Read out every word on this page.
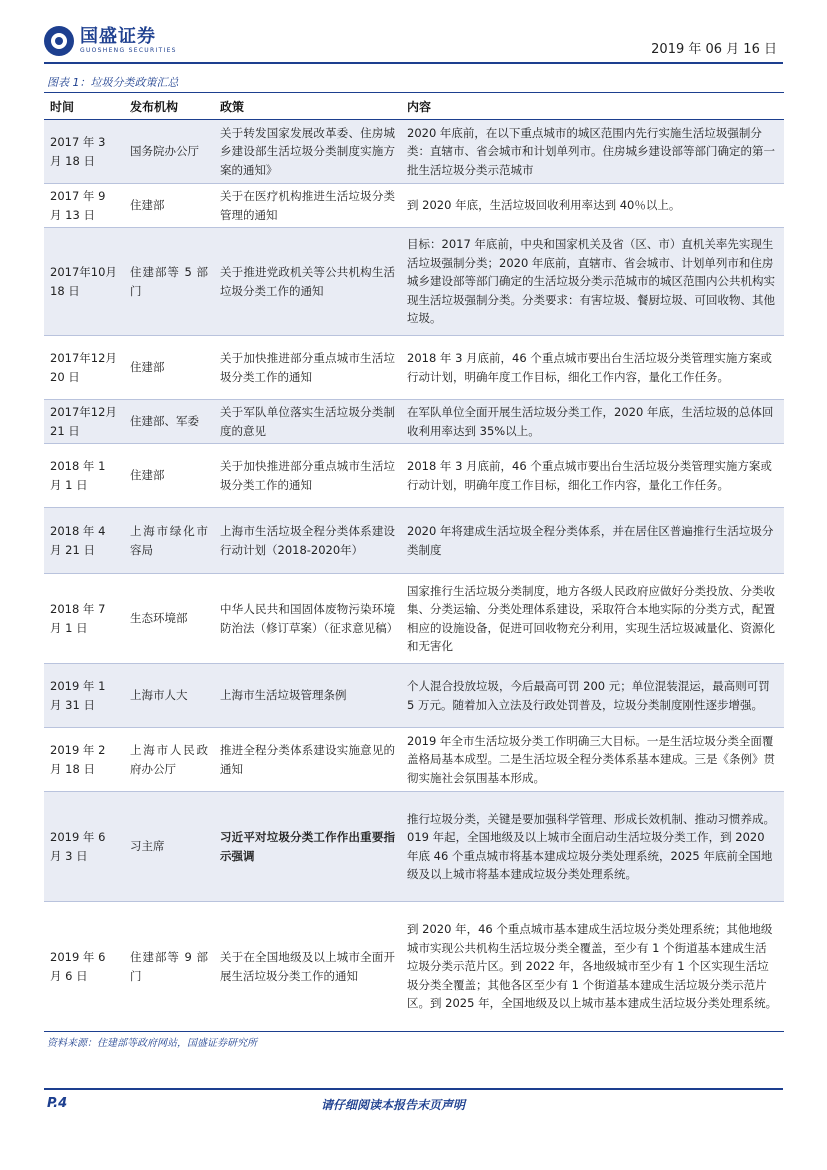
国盛证券
GUOSHENG SECURITIES	2019 年 06 月 16 日
图表 1：垃圾分类政策汇总
时间	发布机构	政策	内容
2017 年 3 月 18 日	国务院办公厅	关于转发国家发展改革委、住房城乡建设部生活垃圾分类制度实施方案的通知》	2020 年底前，在以下重点城市的城区范围内先行实施生活垃圾强制分类：直辖市、省会城市和计划单列市。住房城乡建设部等部门确定的第一批生活垃圾分类示范城市
2017 年 9 月 13 日	住建部	关于在医疗机构推进生活垃圾分类管理的通知	到 2020 年底，生活垃圾回收利用率达到 40％以上。
2017年10月 18 日	住建部等 5 部门	关于推进党政机关等公共机构生活垃圾分类工作的通知	目标：2017 年底前，中央和国家机关及省（区、市）直机关率先实现生活垃圾强制分类；2020 年底前，直辖市、省会城市、计划单列市和住房城乡建设部等部门确定的生活垃圾分类示范城市的城区范围内公共机构实现生活垃圾强制分类。分类要求：有害垃圾、餐厨垃圾、可回收物、其他垃圾。
2017年12月 20 日	住建部	关于加快推进部分重点城市生活垃圾分类工作的通知	2018 年 3 月底前，46 个重点城市要出台生活垃圾分类管理实施方案或行动计划，明确年度工作目标，细化工作内容，量化工作任务。
2017年12月 21 日	住建部、军委	关于军队单位落实生活垃圾分类制度的意见	在军队单位全面开展生活垃圾分类工作，2020 年底，生活垃圾的总体回收利用率达到 35%以上。
2018 年 1 月 1 日	住建部	关于加快推进部分重点城市生活垃圾分类工作的通知	2018 年 3 月底前，46 个重点城市要出台生活垃圾分类管理实施方案或行动计划，明确年度工作目标，细化工作内容，量化工作任务。
2018 年 4 月 21 日	上海市绿化市容局	上海市生活垃圾全程分类体系建设行动计划（2018-2020年）	2020 年将建成生活垃圾全程分类体系，并在居住区普遍推行生活垃圾分类制度
2018 年 7 月 1 日	生态环境部	中华人民共和国固体废物污染环境防治法（修订草案）（征求意见稿）	国家推行生活垃圾分类制度，地方各级人民政府应做好分类投放、分类收集、分类运输、分类处理体系建设，采取符合本地实际的分类方式，配置相应的设施设备，促进可回收物充分利用，实现生活垃圾减量化、资源化和无害化
2019 年 1 月 31 日	上海市人大	上海市生活垃圾管理条例	个人混合投放垃圾，今后最高可罚 200 元；单位混装混运，最高则可罚 5 万元。随着加入立法及行政处罚普及，垃圾分类制度刚性逐步增强。
2019 年 2 月 18 日	上海市人民政府办公厅	推进全程分类体系建设实施意见的通知	2019 年全市生活垃圾分类工作明确三大目标。一是生活垃圾分类全面覆盖格局基本成型。二是生活垃圾全程分类体系基本建成。三是《条例》贯彻实施社会氛围基本形成。
2019 年 6 月 3 日	习主席	习近平对垃圾分类工作作出重要指示强调	推行垃圾分类，关键是要加强科学管理、形成长效机制、推动习惯养成。019 年起，全国地级及以上城市全面启动生活垃圾分类工作，到 2020 年底 46 个重点城市将基本建成垃圾分类处理系统，2025 年底前全国地级及以上城市将基本建成垃圾分类处理系统。
2019 年 6 月 6 日	住建部等 9 部门	关于在全国地级及以上城市全面开展生活垃圾分类工作的通知	到 2020 年，46 个重点城市基本建成生活垃圾分类处理系统；其他地级城市实现公共机构生活垃圾分类全覆盖，至少有 1 个街道基本建成生活垃圾分类示范片区。到 2022 年，各地级城市至少有 1 个区实现生活垃圾分类全覆盖；其他各区至少有 1 个街道基本建成生活垃圾分类示范片区。到 2025 年，全国地级及以上城市基本建成生活垃圾分类处理系统。
资料来源：住建部等政府网站，国盛证券研究所
P.4	请仔细阅读本报告末页声明
